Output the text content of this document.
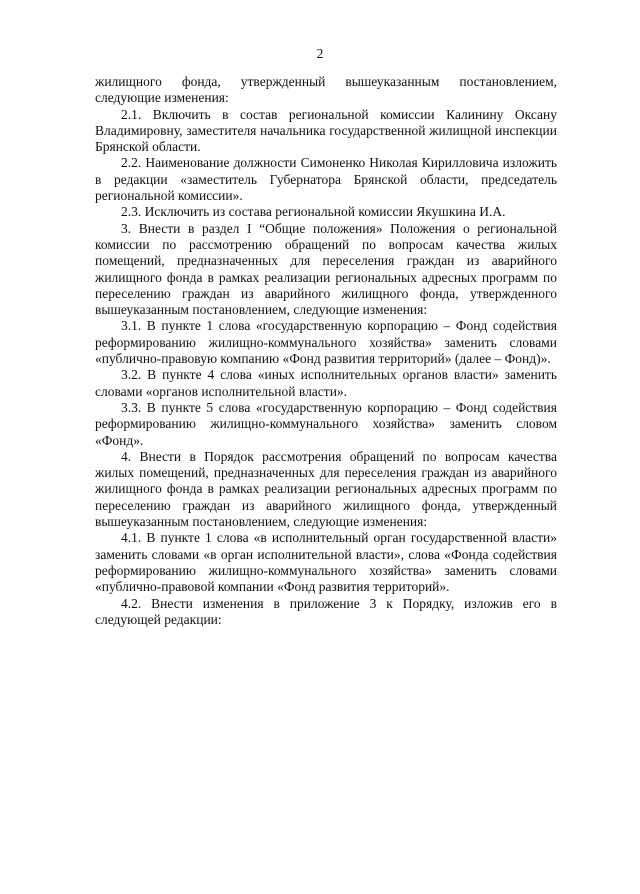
2

жилищного фонда, утвержденный вышеуказанным постановлением, следующие изменения:

2.1. Включить в состав региональной комиссии Калинину Оксану Владимировну, заместителя начальника государственной жилищной инспекции Брянской области.

2.2. Наименование должности Симоненко Николая Кирилловича изложить в редакции «заместитель Губернатора Брянской области, председатель региональной комиссии».

2.3. Исключить из состава региональной комиссии Якушкина И.А.

3. Внести в раздел I “Общие положения» Положения о региональной комиссии по рассмотрению обращений по вопросам качества жилых помещений, предназначенных для переселения граждан из аварийного жилищного фонда в рамках реализации региональных адресных программ по переселению граждан из аварийного жилищного фонда, утвержденного вышеуказанным постановлением, следующие изменения:

3.1. В пункте 1 слова «государственную корпорацию – Фонд содействия реформированию жилищно-коммунального хозяйства» заменить словами «публично-правовую компанию «Фонд развития территорий» (далее – Фонд)».

3.2. В пункте 4 слова «иных исполнительных органов власти» заменить словами «органов исполнительной власти».

3.3. В пункте 5 слова «государственную корпорацию – Фонд содействия реформированию жилищно-коммунального хозяйства» заменить словом «Фонд».

4. Внести в Порядок рассмотрения обращений по вопросам качества жилых помещений, предназначенных для переселения граждан из аварийного жилищного фонда в рамках реализации региональных адресных программ по переселению граждан из аварийного жилищного фонда, утвержденный вышеуказанным постановлением, следующие изменения:

4.1. В пункте 1 слова «в исполнительный орган государственной власти» заменить словами «в орган исполнительной власти», слова «Фонда содействия реформированию жилищно-коммунального хозяйства» заменить словами «публично-правовой компании «Фонд развития территорий».

4.2. Внести изменения в приложение 3 к Порядку, изложив его в следующей редакции:
